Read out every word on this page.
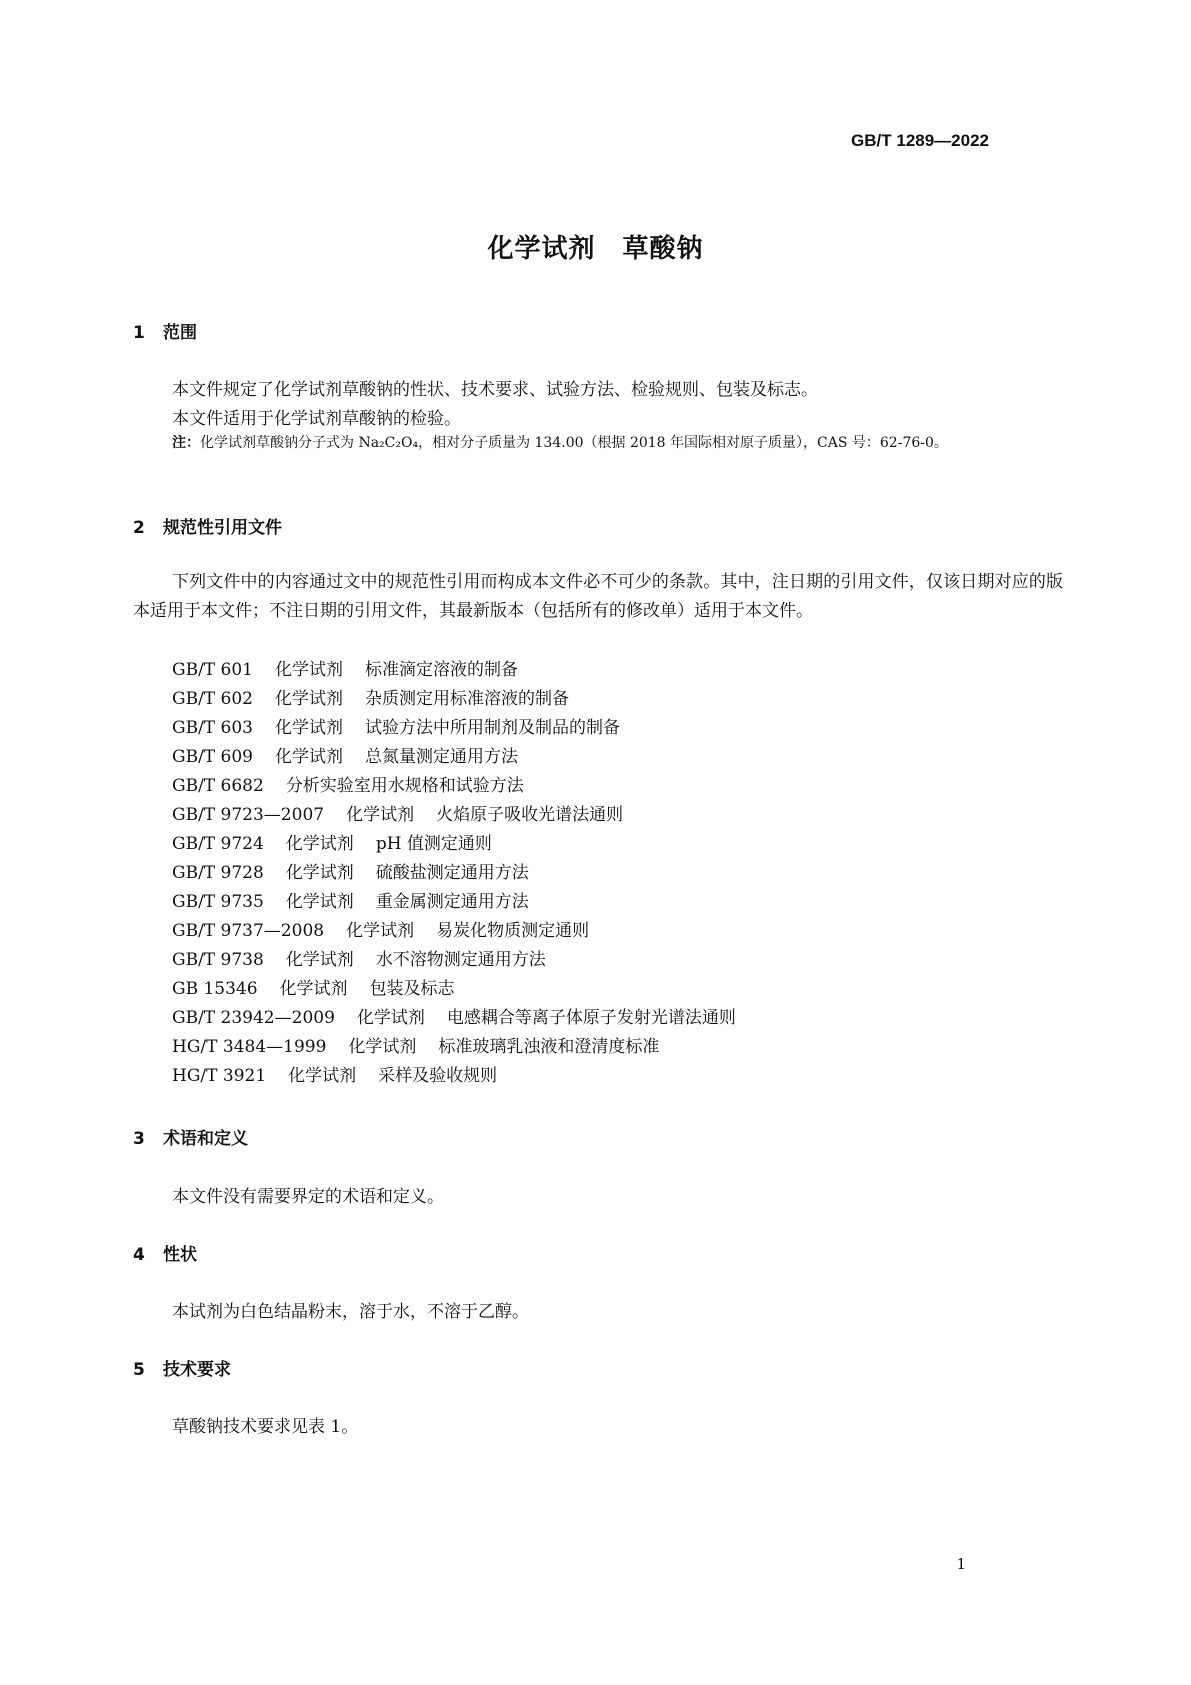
GB/T 1289—2022
化学试剂　草酸钠
1 范围
本文件规定了化学试剂草酸钠的性状、技术要求、试验方法、检验规则、包装及标志。
本文件适用于化学试剂草酸钠的检验。
注：化学试剂草酸钠分子式为 Na₂C₂O₄，相对分子质量为 134.00（根据 2018 年国际相对原子质量），CAS 号：62-76-0。
2 规范性引用文件
下列文件中的内容通过文中的规范性引用而构成本文件必不可少的条款。其中，注日期的引用文件，仅该日期对应的版本适用于本文件；不注日期的引用文件，其最新版本（包括所有的修改单）适用于本文件。
GB/T 601 化学试剂 标准滴定溶液的制备
GB/T 602 化学试剂 杂质测定用标准溶液的制备
GB/T 603 化学试剂 试验方法中所用制剂及制品的制备
GB/T 609 化学试剂 总氮量测定通用方法
GB/T 6682 分析实验室用水规格和试验方法
GB/T 9723—2007 化学试剂 火焰原子吸收光谱法通则
GB/T 9724 化学试剂 pH 值测定通则
GB/T 9728 化学试剂 硫酸盐测定通用方法
GB/T 9735 化学试剂 重金属测定通用方法
GB/T 9737—2008 化学试剂 易炭化物质测定通则
GB/T 9738 化学试剂 水不溶物测定通用方法
GB 15346 化学试剂 包装及标志
GB/T 23942—2009 化学试剂 电感耦合等离子体原子发射光谱法通则
HG/T 3484—1999 化学试剂 标准玻璃乳浊液和澄清度标准
HG/T 3921 化学试剂 采样及验收规则
3 术语和定义
本文件没有需要界定的术语和定义。
4 性状
本试剂为白色结晶粉末，溶于水，不溶于乙醇。
5 技术要求
草酸钠技术要求见表 1。
1
